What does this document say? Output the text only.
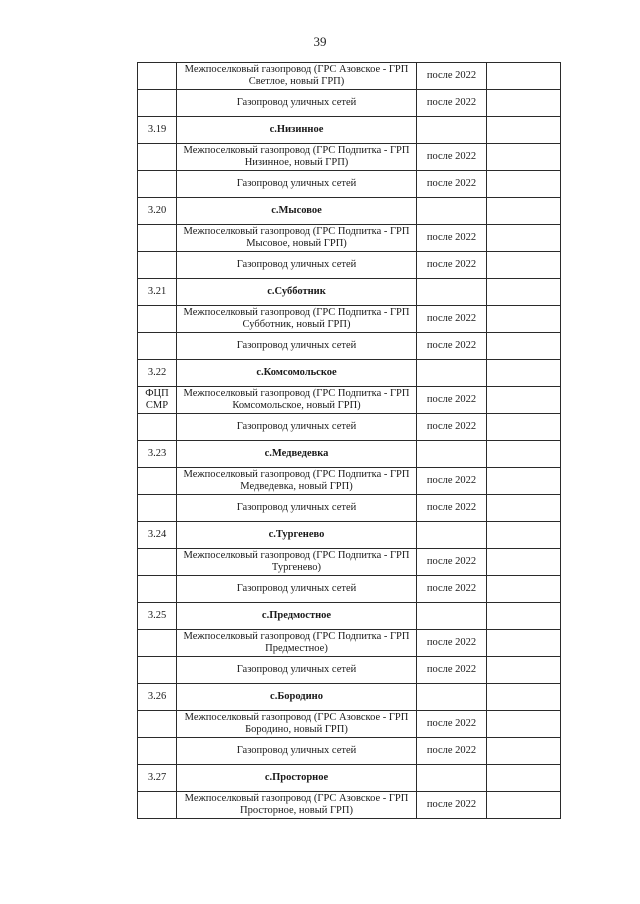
39
	Межпоселковый газопровод (ГРС Азовское - ГРП Светлое, новый ГРП)	после 2022	
	Газопровод уличных сетей	после 2022	
3.19	с.Низинное		
	Межпоселковый газопровод (ГРС Подпитка - ГРП Низинное, новый ГРП)	после 2022	
	Газопровод уличных сетей	после 2022	
3.20	с.Мысовое		
	Межпоселковый газопровод (ГРС Подпитка - ГРП Мысовое, новый ГРП)	после 2022	
	Газопровод уличных сетей	после 2022	
3.21	с.Субботник		
	Межпоселковый газопровод (ГРС Подпитка - ГРП Субботник, новый ГРП)	после 2022	
	Газопровод уличных сетей	после 2022	
3.22	с.Комсомольское		
ФЦП СМР	Межпоселковый газопровод (ГРС Подпитка - ГРП Комсомольское, новый ГРП)	после 2022	
	Газопровод уличных сетей	после 2022	
3.23	с.Медведевка		
	Межпоселковый газопровод (ГРС Подпитка - ГРП Медведевка, новый ГРП)	после 2022	
	Газопровод уличных сетей	после 2022	
3.24	с.Тургенево		
	Межпоселковый газопровод (ГРС Подпитка - ГРП Тургенево)	после 2022	
	Газопровод уличных сетей	после 2022	
3.25	с.Предмостное		
	Межпоселковый газопровод (ГРС Подпитка - ГРП Предместное)	после 2022	
	Газопровод уличных сетей	после 2022	
3.26	с.Бородино		
	Межпоселковый газопровод (ГРС Азовское - ГРП Бородино, новый ГРП)	после 2022	
	Газопровод уличных сетей	после 2022	
3.27	с.Просторное		
	Межпоселковый газопровод (ГРС Азовское - ГРП Просторное, новый ГРП)	после 2022	
